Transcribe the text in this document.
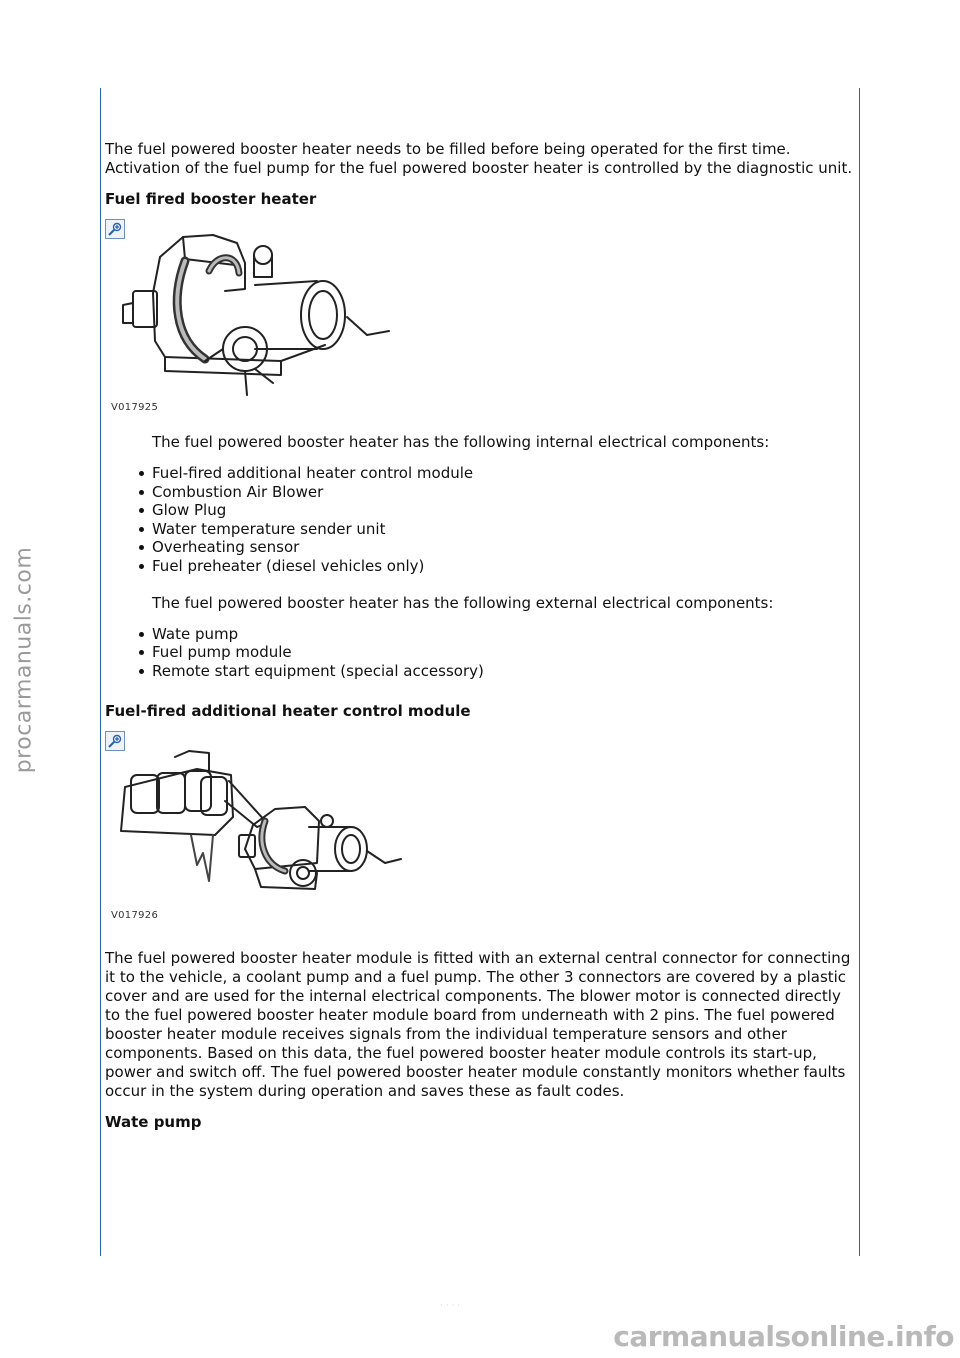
procarmanuals.com

The fuel powered booster heater needs to be filled before being operated for the first time. Activation of the fuel pump for the fuel powered booster heater is controlled by the diagnostic unit.

Fuel fired booster heater
V017925

The fuel powered booster heater has the following internal electrical components:

Fuel-fired additional heater control module
Combustion Air Blower
Glow Plug
Water temperature sender unit
Overheating sensor
Fuel preheater (diesel vehicles only)

The fuel powered booster heater has the following external electrical components:

Wate pump
Fuel pump module
Remote start equipment (special accessory)
Fuel-fired additional heater control module
V017926

The fuel powered booster heater module is fitted with an external central connector for connecting it to the vehicle, a coolant pump and a fuel pump. The other 3 connectors are covered by a plastic cover and are used for the internal electrical components. The blower motor is connected directly to the fuel powered booster heater module board from underneath with 2 pins. The fuel powered booster heater module receives signals from the individual temperature sensors and other components. Based on this data, the fuel powered booster heater module controls its start-up, power and switch off. The fuel powered booster heater module constantly monitors whether faults occur in the system during operation and saves these as fault codes.

Wate pump
· · · ·
carmanualsonline.info
